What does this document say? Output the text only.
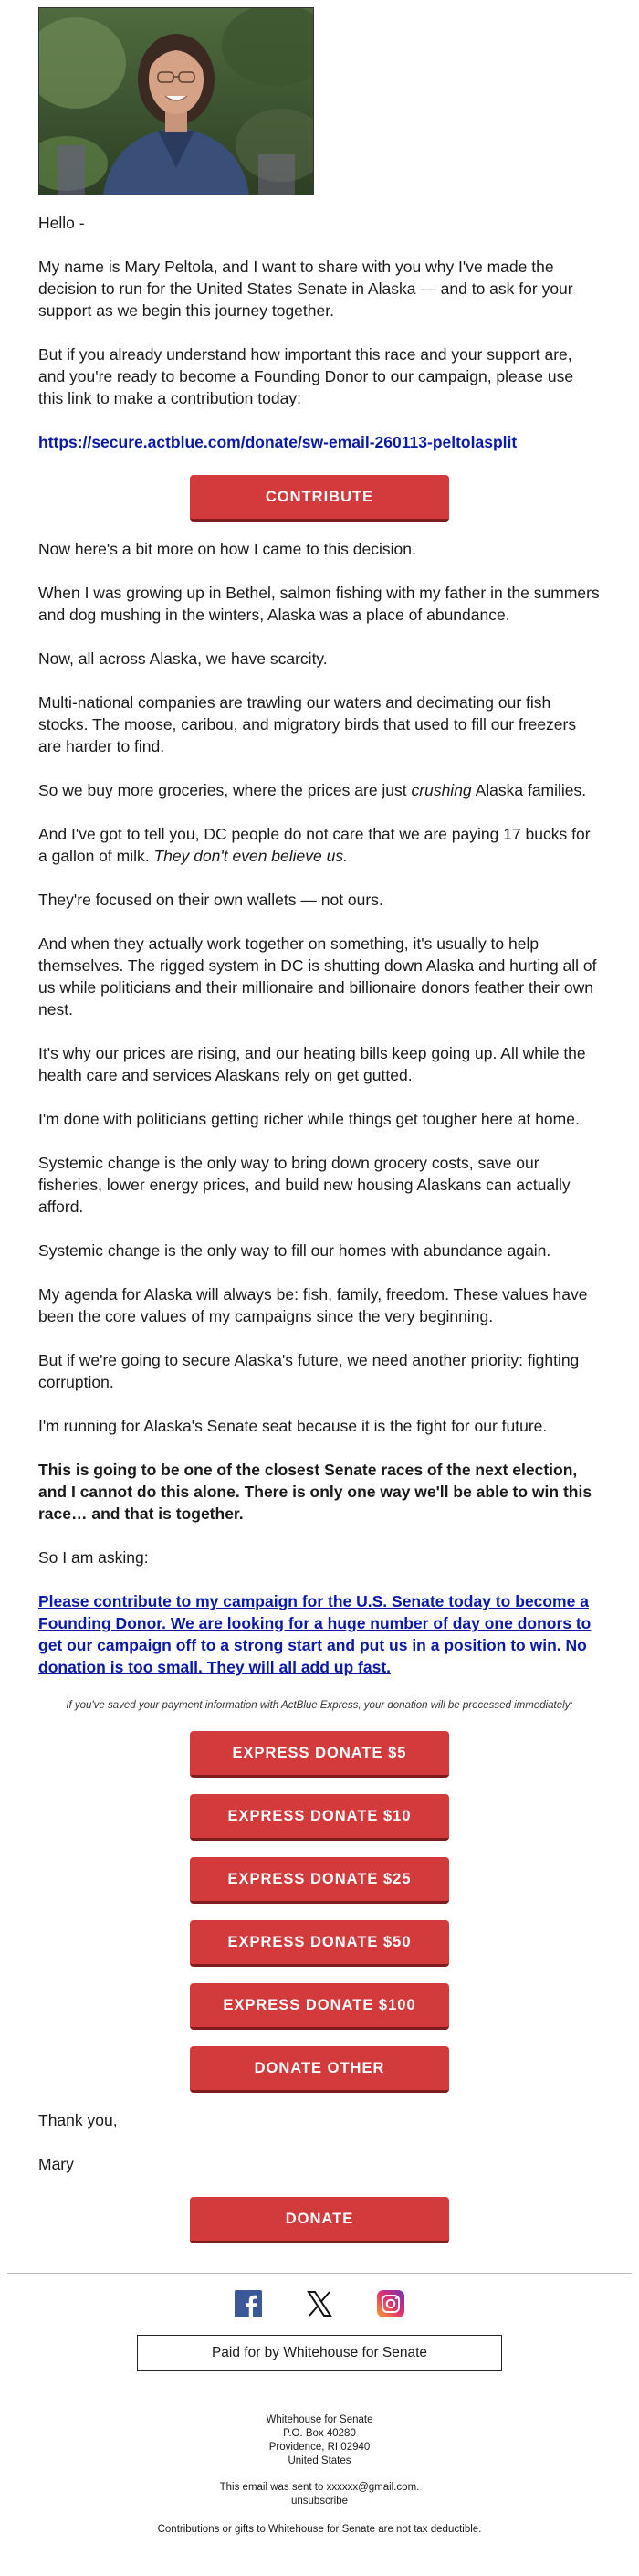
Hello -

My name is Mary Peltola, and I want to share with you why I've made the decision to run for the United States Senate in Alaska — and to ask for your support as we begin this journey together.

But if you already understand how important this race and your support are, and you're ready to become a Founding Donor to our campaign, please use this link to make a contribution today:

https://secure.actblue.com/donate/sw-email-260113-peltolasplit

CONTRIBUTE

Now here's a bit more on how I came to this decision.

When I was growing up in Bethel, salmon fishing with my father in the summers and dog mushing in the winters, Alaska was a place of abundance.

Now, all across Alaska, we have scarcity.

Multi-national companies are trawling our waters and decimating our fish stocks. The moose, caribou, and migratory birds that used to fill our freezers are harder to find.

So we buy more groceries, where the prices are just crushing Alaska families.

And I've got to tell you, DC people do not care that we are paying 17 bucks for a gallon of milk. They don't even believe us.

They're focused on their own wallets — not ours.

And when they actually work together on something, it's usually to help themselves. The rigged system in DC is shutting down Alaska and hurting all of us while politicians and their millionaire and billionaire donors feather their own nest.

It's why our prices are rising, and our heating bills keep going up. All while the health care and services Alaskans rely on get gutted.

I'm done with politicians getting richer while things get tougher here at home.

Systemic change is the only way to bring down grocery costs, save our fisheries, lower energy prices, and build new housing Alaskans can actually afford.

Systemic change is the only way to fill our homes with abundance again.

My agenda for Alaska will always be: fish, family, freedom. These values have been the core values of my campaigns since the very beginning.

But if we're going to secure Alaska's future, we need another priority: fighting corruption.

I'm running for Alaska's Senate seat because it is the fight for our future.

This is going to be one of the closest Senate races of the next election, and I cannot do this alone. There is only one way we'll be able to win this race… and that is together.

So I am asking:

Please contribute to my campaign for the U.S. Senate today to become a Founding Donor. We are looking for a huge number of day one donors to get our campaign off to a strong start and put us in a position to win. No donation is too small. They will all add up fast.

If you've saved your payment information with ActBlue Express, your donation will be processed immediately:

EXPRESS DONATE $5
EXPRESS DONATE $10
EXPRESS DONATE $25
EXPRESS DONATE $50
EXPRESS DONATE $100
DONATE OTHER

Thank you,

Mary

DONATE

Paid for by Whitehouse for Senate
Whitehouse for Senate
P.O. Box 40280
Providence, RI 02940
United States
This email was sent to xxxxxx@gmail.com.
unsubscribe
Contributions or gifts to Whitehouse for Senate are not tax deductible.
